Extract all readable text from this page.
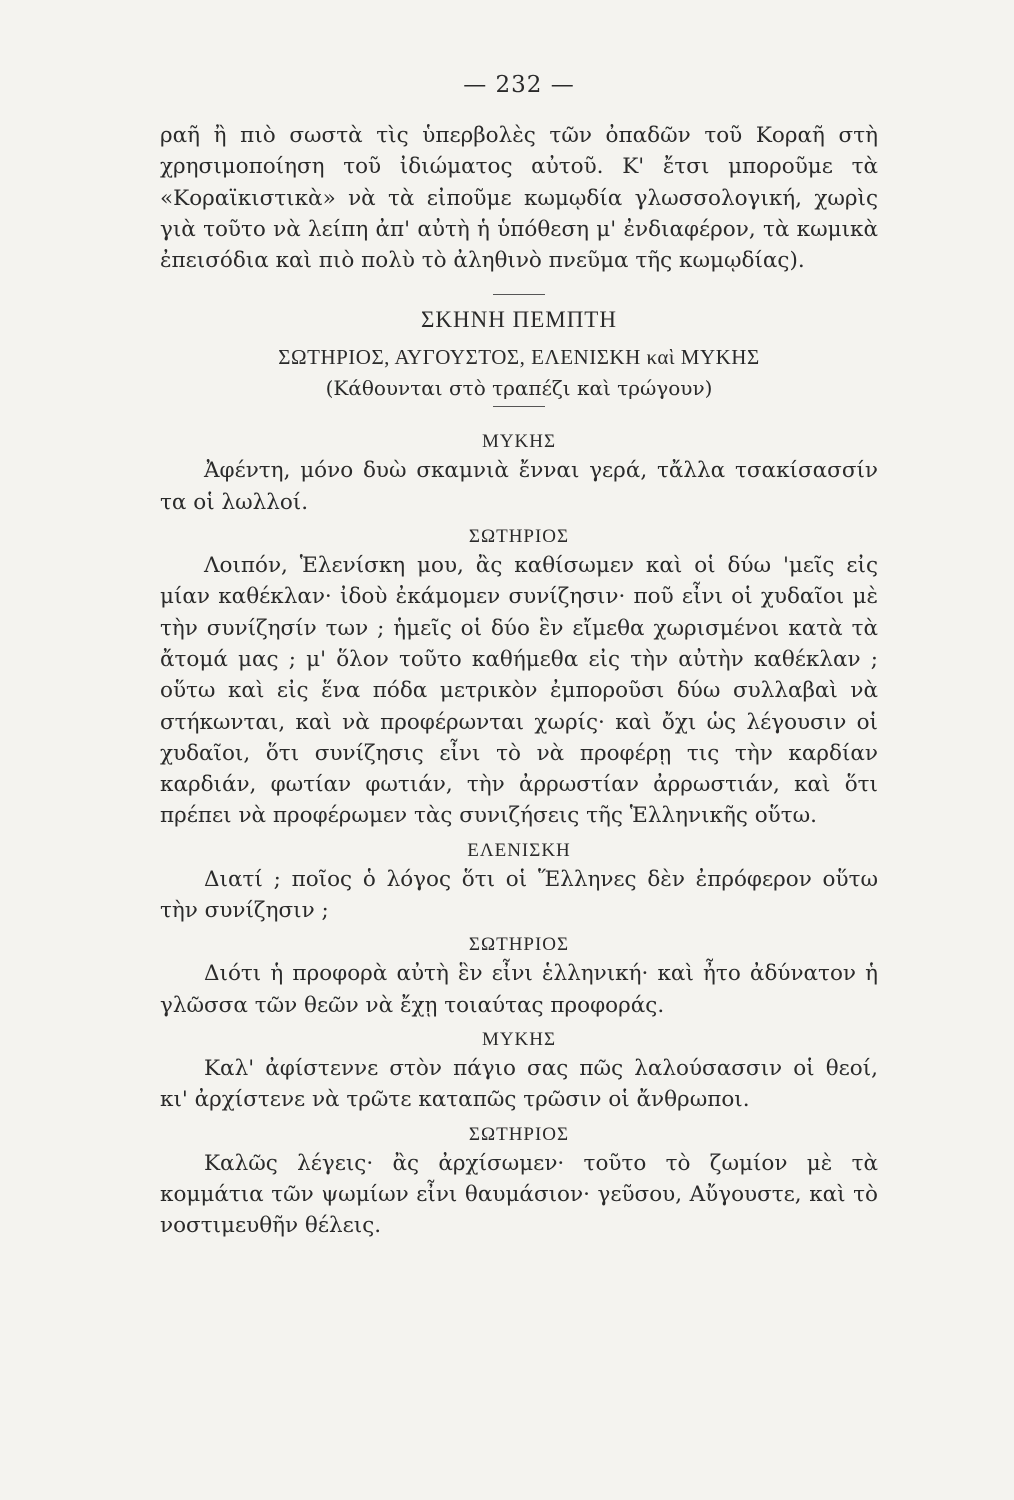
— 232 —

ραῆ ἢ πιὸ σωστὰ τὶς ὑπερβολὲς τῶν ὀπαδῶν τοῦ Κοραῆ στὴ χρησιμοποίηση τοῦ ἰδιώματος αὐτοῦ. Κ' ἔτσι μποροῦμε τὰ «Κοραϊκιστικὰ» νὰ τὰ εἰποῦμε κωμῳδία γλωσσολογική, χωρὶς γιὰ τοῦτο νὰ λείπη ἀπ' αὐτὴ ἡ ὑπόθεση μ' ἐνδιαφέρον, τὰ κωμικὰ ἐπεισόδια καὶ πιὸ πολὺ τὸ ἀληθινὸ πνεῦμα τῆς κωμῳδίας).

ΣΚΗΝΗ ΠΕΜΠΤΗ
ΣΩΤΗΡΙΟΣ, ΑΥΓΟΥΣΤΟΣ, ΕΛΕΝΙΣΚΗ καὶ ΜΥΚΗΣ
(Κάθουνται στὸ τραπέζι καὶ τρώγουν)
ΜΥΚΗΣ

Ἀφέντη, μόνο δυὼ σκαμνιὰ ἔνναι γερά, τἄλλα τσακίσασσίν τα οἱ λωλλοί.

ΣΩΤΗΡΙΟΣ

Λοιπόν, Ἑλενίσκη μου, ἂς καθίσωμεν καὶ οἱ δύω 'μεῖς εἰς μίαν καθέκλαν· ἰδοὺ ἐκάμομεν συνίζησιν· ποῦ εἶνι οἱ χυδαῖοι μὲ τὴν συνίζησίν των ; ἡμεῖς οἱ δύο ἓν εἴμεθα χωρισμένοι κατὰ τὰ ἄτομά μας ; μ' ὅλον τοῦτο καθήμεθα εἰς τὴν αὐτὴν καθέκλαν ; οὕτω καὶ εἰς ἕνα πόδα μετρικὸν ἐμποροῦσι δύω συλλαβαὶ νὰ στήκωνται, καὶ νὰ προφέρωνται χωρίς· καὶ ὄχι ὡς λέγουσιν οἱ χυδαῖοι, ὅτι συνίζησις εἶνι τὸ νὰ προφέρῃ τις τὴν καρδίαν καρδιάν, φωτίαν φωτιάν, τὴν ἀρρωστίαν ἀρρωστιάν, καὶ ὅτι πρέπει νὰ προφέρωμεν τὰς συνιζήσεις τῆς Ἑλληνικῆς οὕτω.

ΕΛΕΝΙΣΚΗ

Διατί ; ποῖος ὁ λόγος ὅτι οἱ Ἕλληνες δὲν ἐπρόφερον οὕτω τὴν συνίζησιν ;

ΣΩΤΗΡΙΟΣ

Διότι ἡ προφορὰ αὐτὴ ἓν εἶνι ἑλληνική· καὶ ἦτο ἀδύνατον ἡ γλῶσσα τῶν θεῶν νὰ ἔχῃ τοιαύτας προφοράς.

ΜΥΚΗΣ

Καλ' ἀφίστεννε στὸν πάγιο σας πῶς λαλούσασσιν οἱ θεοί, κι' ἀρχίστενε νὰ τρῶτε καταπῶς τρῶσιν οἱ ἄνθρωποι.

ΣΩΤΗΡΙΟΣ

Καλῶς λέγεις· ἂς ἀρχίσωμεν· τοῦτο τὸ ζωμίον μὲ τὰ κομμάτια τῶν ψωμίων εἶνι θαυμάσιον· γεῦσου, Αὔγουστε, καὶ τὸ νοστιμευθῆν θέλεις.
